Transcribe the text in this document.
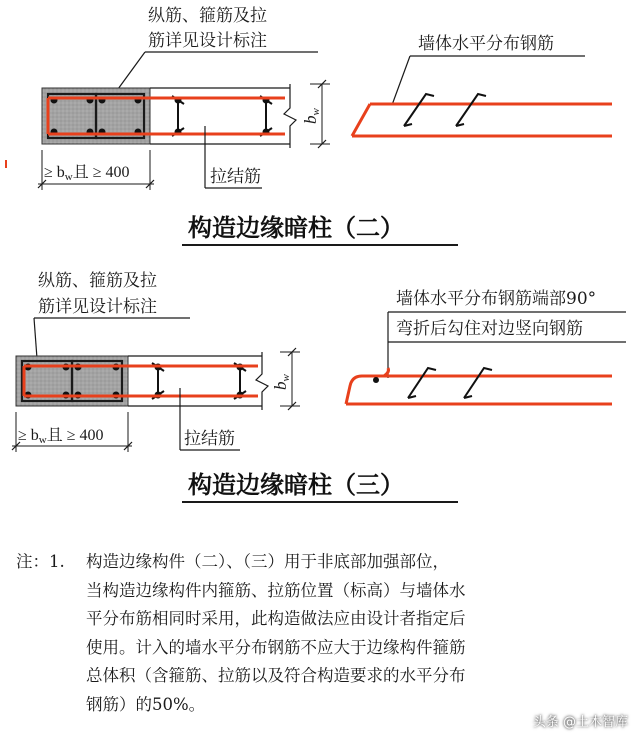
纵筋、箍筋及拉
筋详见设计标注	墙体水平分布钢筋
bw
≥ bw且 ≥ 400	拉结筋
构造边缘暗柱（二）
纵筋、箍筋及拉
筋详见设计标注	墙体水平分布钢筋端部90°
弯折后勾住对边竖向钢筋
bw
≥ bw且 ≥ 400	拉结筋
构造边缘暗柱（三）
注：1.	构造边缘构件（二）、（三）用于非底部加强部位，
当构造边缘构件内箍筋、拉筋位置（标高）与墙体水
平分布筋相同时采用，此构造做法应由设计者指定后
使用。计入的墙水平分布钢筋不应大于边缘构件箍筋
总体积（含箍筋、拉筋以及符合构造要求的水平分布
钢筋）的50%。
头条 @土木智库
